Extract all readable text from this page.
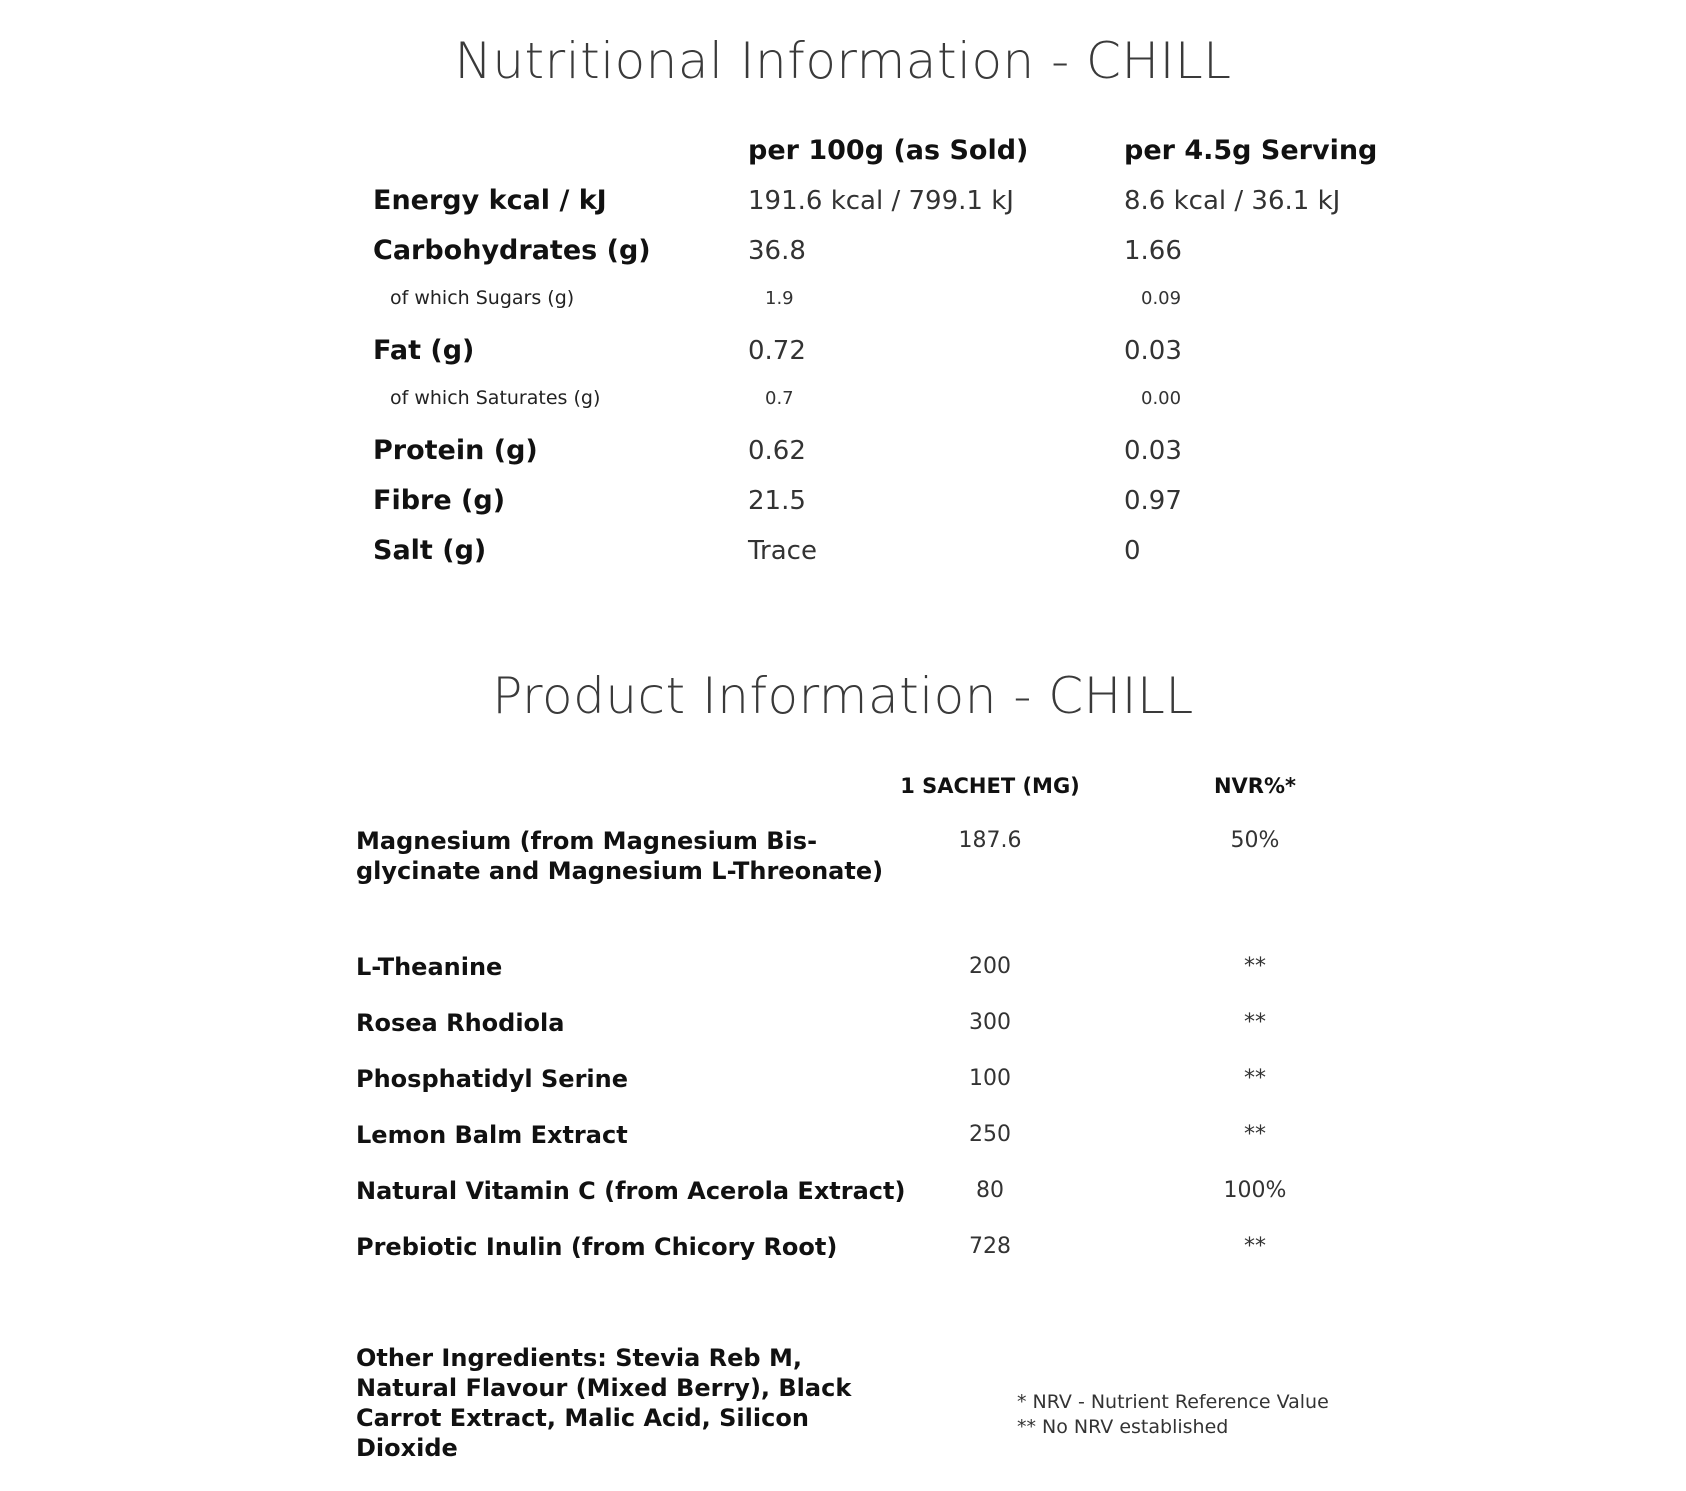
Nutritional Information - CHILL
Product Information - CHILL
per 100g (as Sold)	per 4.5g Serving
Energy kcal / kJ	191.6 kcal / 799.1 kJ	8.6 kcal / 36.1 kJ
Carbohydrates (g)	36.8	1.66
of which Sugars (g)	1.9	0.09
Fat (g)	0.72	0.03
of which Saturates (g)	0.7	0.00
Protein (g)	0.62	0.03
Fibre (g)	21.5	0.97
Salt (g)	Trace	0
1 SACHET (MG)	NVR%*
Magnesium (from Magnesium Bis-
glycinate and Magnesium L-Threonate)
187.6	50%
L-Theanine	200	**
Rosea Rhodiola	300	**
Phosphatidyl Serine	100	**
Lemon Balm Extract	250	**
Natural Vitamin C (from Acerola Extract)	80	100%
Prebiotic Inulin (from Chicory Root)	728	**
Other Ingredients: Stevia Reb M, Natural Flavour (Mixed Berry), Black Carrot Extract, Malic Acid, Silicon Dioxide
* NRV - Nutrient Reference Value
** No NRV established
